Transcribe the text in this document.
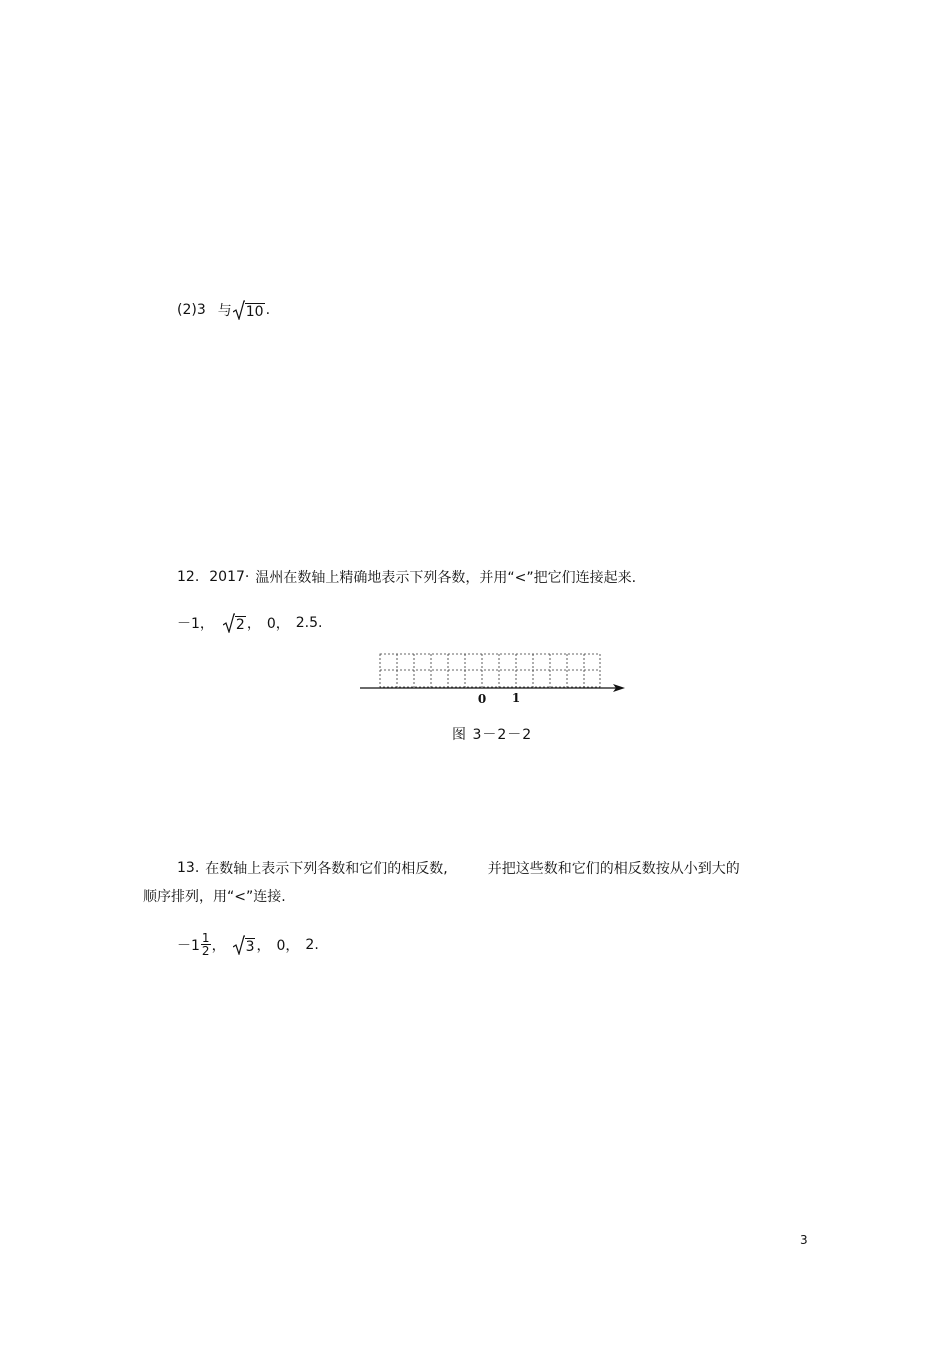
(2)3 与 10 .
12. 2017· 温州在数轴上精确地表示下列各数，并用“<”把它们连接起来.
－1， 2 ， 0， 2.5.
0 1
图 3－2－2
13. 在数轴上表示下列各数和它们的相反数,	并把这些数和它们的相反数按从小到大的
顺序排列，用“<”连接.
$-1 \frac{1}{2}$ ， 3 ， 0， 2.
3
